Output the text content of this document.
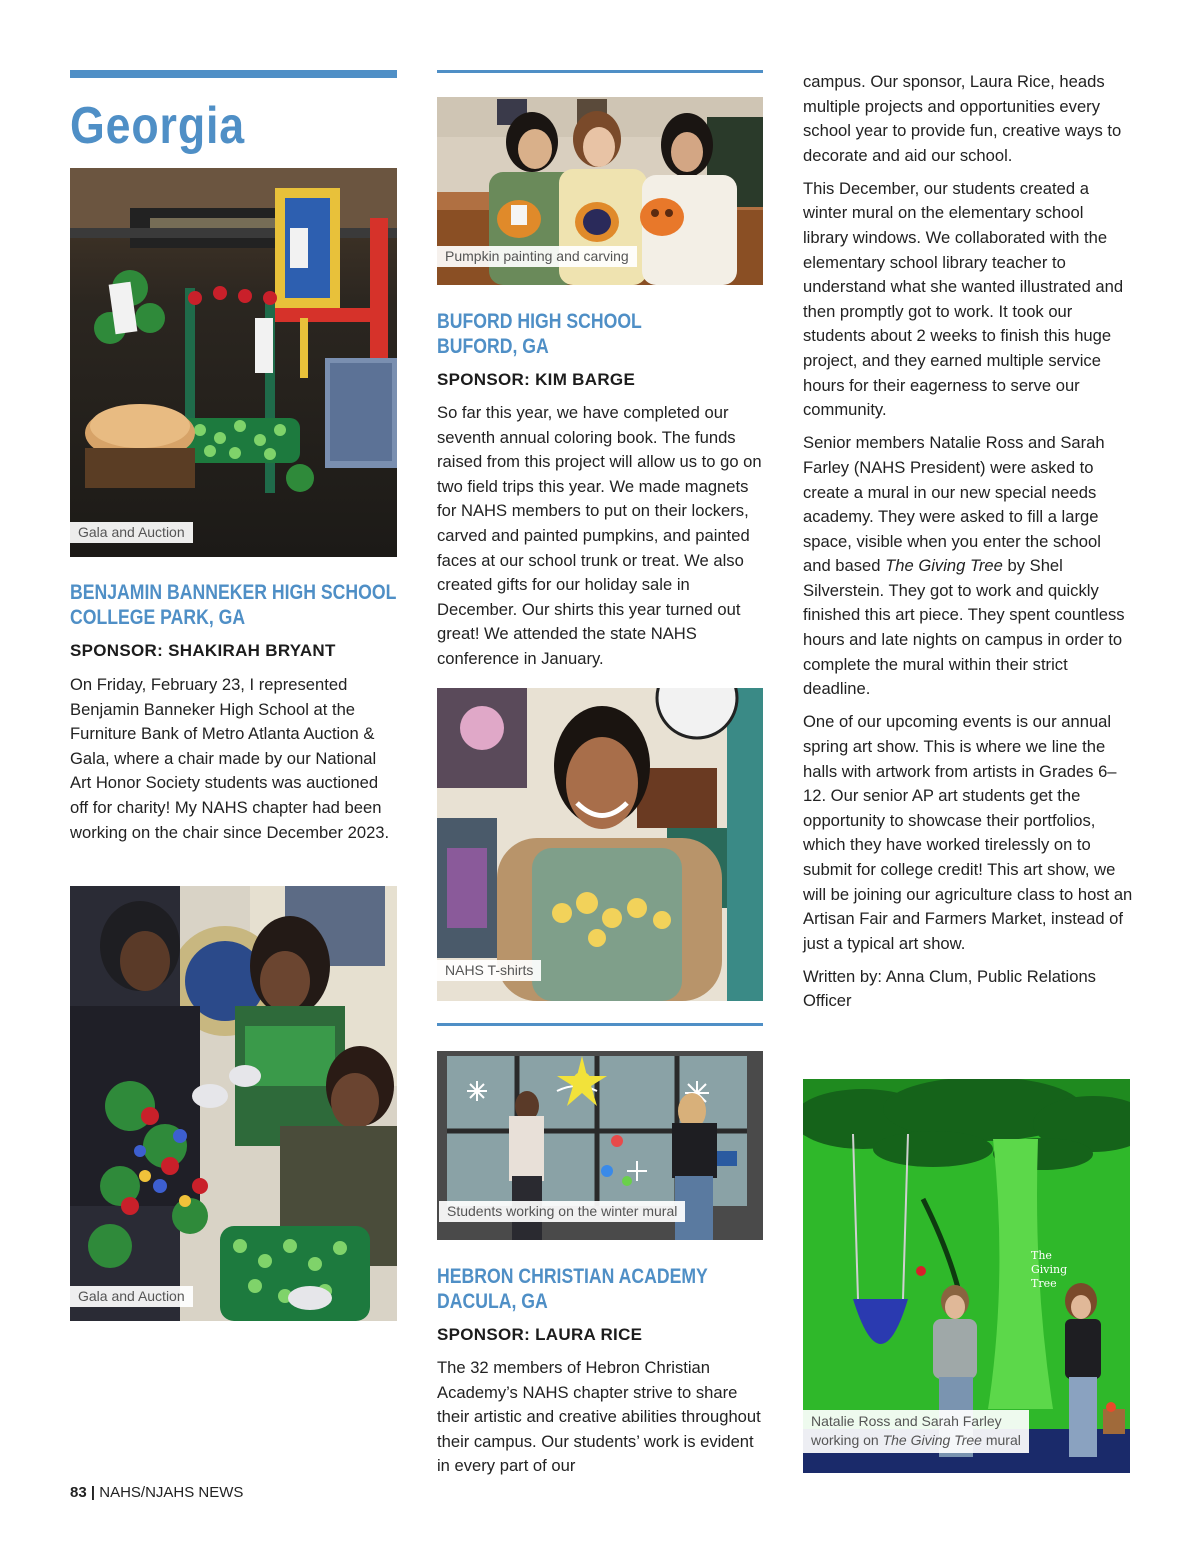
Georgia
Gala and Auction
BENJAMIN BANNEKER HIGH SCHOOL
COLLEGE PARK, GA

SPONSOR: SHAKIRAH BRYANT

On Friday, February 23, I represented Benjamin Banneker High School at the Furniture Bank of Metro Atlanta Auction & Gala, where a chair made by our National Art Honor Society students was auctioned off for charity! My NAHS chapter had been working on the chair since December 2023.

Gala and Auction
Pumpkin painting and carving
BUFORD HIGH SCHOOL
BUFORD, GA

SPONSOR: KIM BARGE

So far this year, we have completed our seventh annual coloring book. The funds raised from this project will allow us to go on two field trips this year. We made magnets for NAHS members to put on their lockers, carved and painted pumpkins, and painted faces at our school trunk or treat. We also created gifts for our holiday sale in December. Our shirts this year turned out great! We attended the state NAHS conference in January.

NAHS T-shirts
Students working on the winter mural
HEBRON CHRISTIAN ACADEMY
DACULA, GA

SPONSOR: LAURA RICE

The 32 members of Hebron Christian Academy’s NAHS chapter strive to share their artistic and creative abilities throughout their campus. Our students’ work is evident in every part of our

campus. Our sponsor, Laura Rice, heads multiple projects and opportunities every school year to provide fun, creative ways to decorate and aid our school.

This December, our students created a winter mural on the elementary school library windows. We collaborated with the elementary school library teacher to understand what she wanted illustrated and then promptly got to work. It took our students about 2 weeks to finish this huge project, and they earned multiple service hours for their eagerness to serve our community.

Senior members Natalie Ross and Sarah Farley (NAHS President) were asked to create a mural in our new special needs academy. They were asked to fill a large space, visible when you enter the school and based The Giving Tree by Shel Silverstein. They got to work and quickly finished this art piece. They spent countless hours and late nights on campus in order to complete the mural within their strict deadline.

One of our upcoming events is our annual spring art show. This is where we line the halls with artwork from artists in Grades 6–12. Our senior AP art students get the opportunity to showcase their portfolios, which they have worked tirelessly on to submit for college credit! This art show, we will be joining our agriculture class to host an Artisan Fair and Farmers Market, instead of just a typical art show.

Written by: Anna Clum, Public Relations Officer

The Giving Tree
Natalie Ross and Sarah Farley
working on The Giving Tree mural
83 | NAHS/NJAHS NEWS
